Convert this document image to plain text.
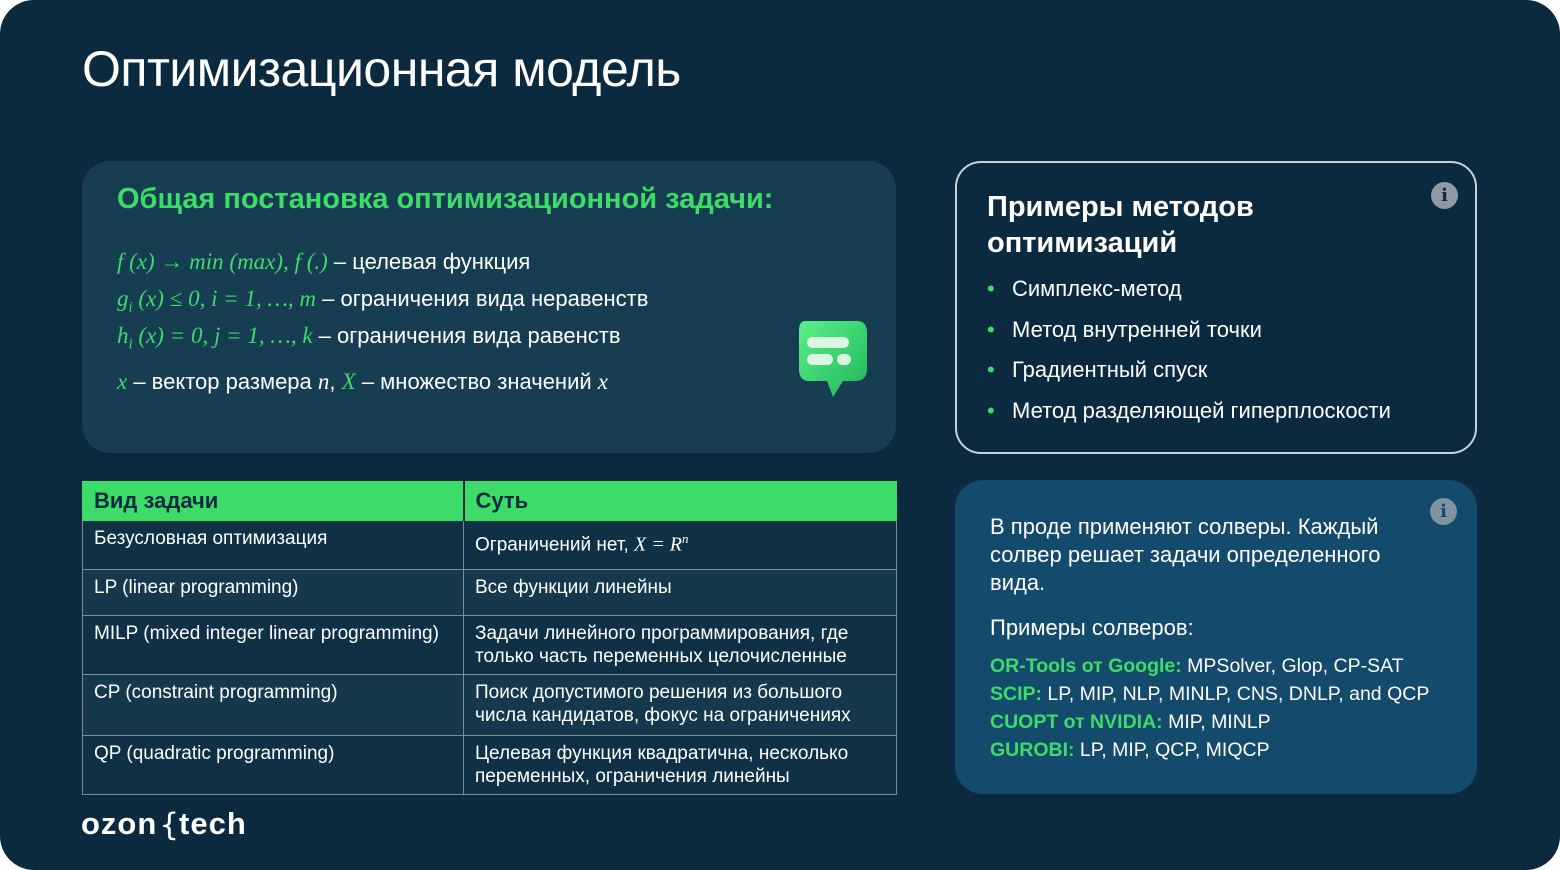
Оптимизационная модель
Общая постановка оптимизационной задачи:
f (x) → min (max), f (.) – целевая функция
$g_i$ (x) ≤ 0, i = 1, …, m – ограничения вида неравенств
$h_i$ (x) = 0, j = 1, …, k – ограничения вида равенств
x – вектор размера n, X – множество значений x
Вид задачи	Суть
Безусловная оптимизация	Ограничений нет, $X = R^n$
LP (linear programming)	Все функции линейны
MILP (mixed integer linear programming)	Задачи линейного программирования, где только часть переменных целочисленные
CP (constraint programming)	Поиск допустимого решения из большого числа кандидатов, фокус на ограничениях
QP (quadratic programming)	Целевая функция квадратична, несколько переменных, ограничения линейны
Примеры методов оптимизаций
i
• Симплекс-метод
• Метод внутренней точки
• Градиентный спуск
• Метод разделяющей гиперплоскости
i
В проде применяют солверы. Каждый солвер решает задачи определенного вида.
Примеры солверов:
OR-Tools от Google: MPSolver, Glop, CP-SAT
SCIP: LP, MIP, NLP, MINLP, CNS, DNLP, and QCP
CUOPT от NVIDIA: MIP, MINLP
GUROBI: LP, MIP, QCP, MIQCP
ozon{tech
